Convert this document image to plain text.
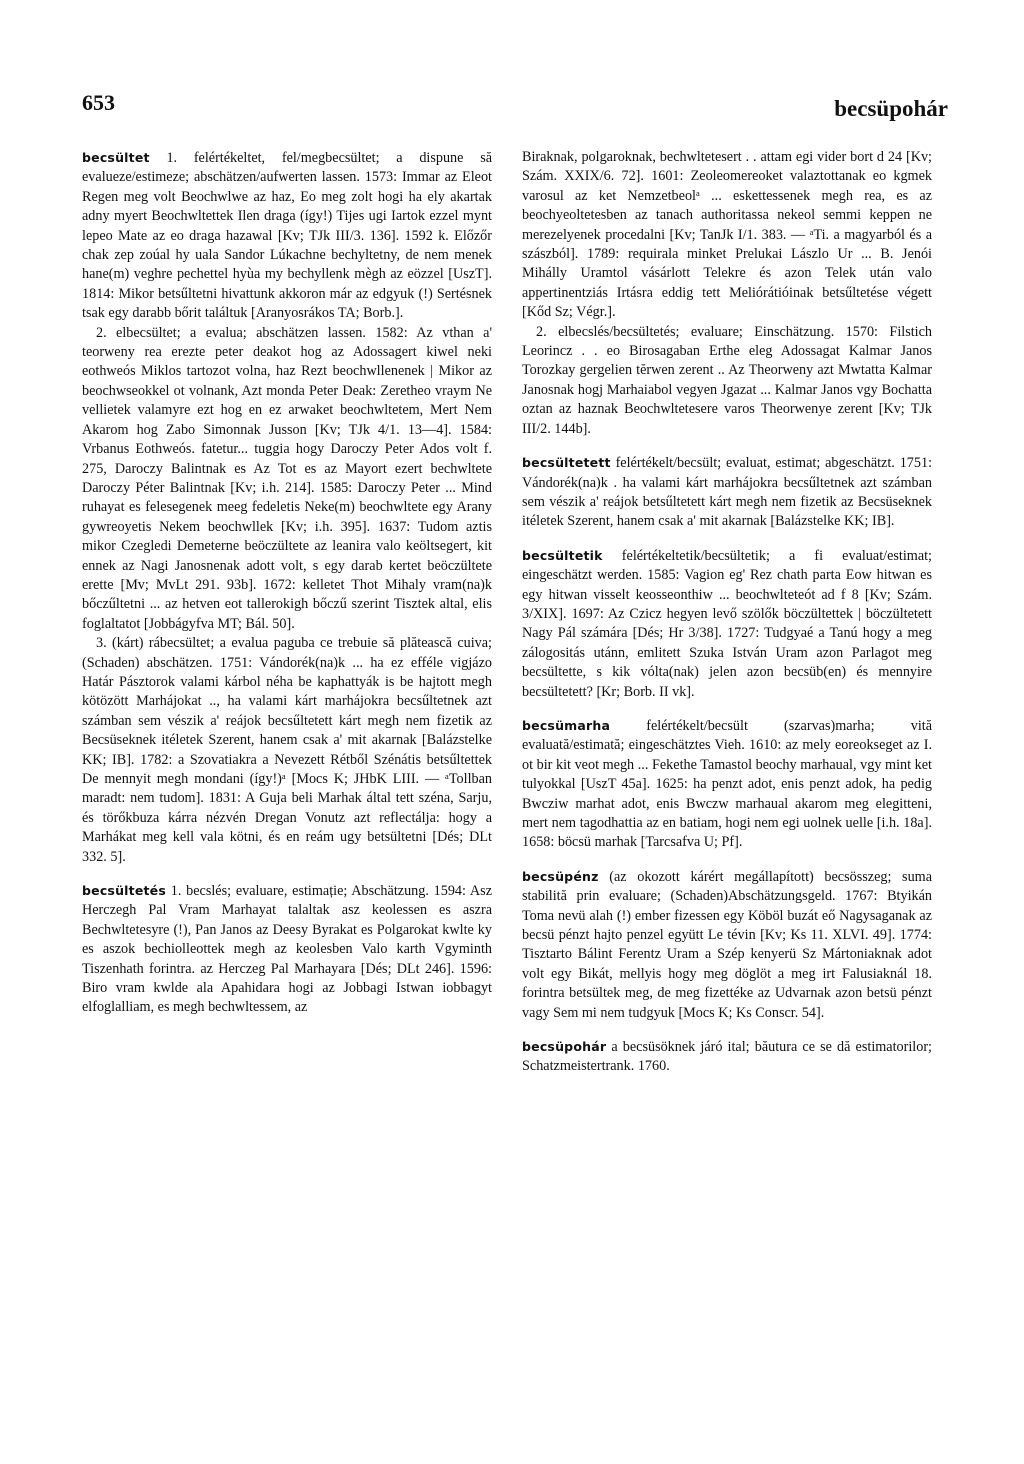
653	becsüpohár

becsültet 1. felértékeltet, fel/megbecsültet; a dispune să evalueze/estimeze; abschätzen/aufwerten lassen. 1573: Immar az Eleot Regen meg volt Beochwlwe az haz, Eo meg zolt hogi ha ely akartak adny myert Beochwltettek Ilen draga (így!) Tijes ugi Iartok ezzel mynt lepeo Mate az eo draga hazawal [Kv; TJk III/3. 136]. 1592 k. Előzőr chak zep zoúal hy uala Sandor Lúkachne bechyltetny, de nem menek hane(m) veghre pechettel hyùa my bechyllenk mègh az eözzel [UszT]. 1814: Mikor betsűltetni hivattunk akkoron már az edgyuk (!) Sertésnek tsak egy darabb bőrit találtuk [Aranyosrákos TA; Borb.].

2. elbecsültet; a evalua; abschätzen lassen. 1582: Az vthan a' teorweny rea erezte peter deakot hog az Adossagert kiwel neki eothweós Miklos tartozot volna, haz Rezt beochwllenenek | Mikor az beochwseokkel ot volnank, Azt monda Peter Deak: Zeretheo vraym Ne vellietek valamyre ezt hog en ez arwaket beochwltetem, Mert Nem Akarom hog Zabo Simonnak Jusson [Kv; TJk 4/1. 13—4]. 1584: Vrbanus Eothweós. fatetur... tuggia hogy Daroczy Peter Ados volt f. 275, Daroczy Balintnak es Az Tot es az Mayort ezert bechwltete Daroczy Péter Balintnak [Kv; i.h. 214]. 1585: Daroczy Peter ... Mind ruhayat es felesegenek meeg fedeletis Neke(m) beochwltete egy Arany gywreoyetis Nekem beochwllek [Kv; i.h. 395]. 1637: Tudom aztis mikor Czegledi Demeterne beöczültete az leanira valo keöltsegert, kit ennek az Nagi Janosnenak adott volt, s egy darab kertet beöczültete erette [Mv; MvLt 291. 93b]. 1672: kelletet Thot Mihaly vram(na)k bőczűltetni ... az hetven eot tallerokigh bőczű szerint Tisztek altal, elis foglaltatot [Jobbágyfva MT; Bál. 50].

3. (kárt) rábecsültet; a evalua paguba ce trebuie să plătească cuiva; (Schaden) abschätzen. 1751: Vándorék(na)k ... ha ez efféle vigjázo Határ Pásztorok valami kárbol néha be kaphattyák is be hajtott megh kötözött Marhájokat .., ha valami kárt marhájokra becsűltetnek azt számban sem vészik a' reájok becsűltetett kárt megh nem fizetik az Becsüseknek itéletek Szerent, hanem csak a' mit akarnak [Balázstelke KK; IB]. 1782: a Szovatiakra a Nevezett Rétből Szénátis betsűltettek De mennyit megh mondani (így!)ᵃ [Mocs K; JHbK LIII. — ᵃTollban maradt: nem tudom]. 1831: A Guja beli Marhak által tett széna, Sarju, és törőkbuza kárra nézvén Dregan Vonutz azt reflectálja: hogy a Marhákat meg kell vala kötni, és en reám ugy betsültetni [Dés; DLt 332. 5].

becsültetés 1. becslés; evaluare, estimație; Abschätzung. 1594: Asz Herczegh Pal Vram Marhayat talaltak asz keolessen es aszra Bechwltetesyre (!), Pan Janos az Deesy Byrakat es Polgarokat kwlte ky es aszok bechiolleottek megh az keolesben Valo karth Vgyminth Tiszenhath forintra. az Herczeg Pal Marhayara [Dés; DLt 246]. 1596: Biro vram kwlde ala Apahidara hogi az Jobbagi Istwan iobbagyt elfoglalliam, es megh bechwltessem, az

Biraknak, polgaroknak, bechwltetesert . . attam egi vider bort d 24 [Kv; Szám. XXIX/6. 72]. 1601: Zeoleomereoket valaztottanak eo kgmek varosul az ket Nemzetbeolᵃ ... eskettessenek megh rea, es az beochyeoltetesben az tanach authoritassa nekeol semmi keppen ne merezelyenek procedalni [Kv; TanJk I/1. 383. — ᵃTi. a magyarból és a szászból]. 1789: requirala minket Prelukai Lászlo Ur ... B. Jenói Mihálly Uramtol vásárlott Telekre és azon Telek után valo appertinentziás Irtásra eddig tett Meliórátióinak betsűltetése végett [Kőd Sz; Végr.].

2. elbecslés/becsültetés; evaluare; Einschätzung. 1570: Filstich Leorincz . . eo Birosagaban Erthe eleg Adossagat Kalmar Janos Torozkay gergelien tĕrwen zerent .. Az Theorweny azt Mwtatta Kalmar Janosnak hogj Marhaiabol vegyen Jgazat ... Kalmar Janos vgy Bochatta oztan az haznak Beochwltetesere varos Theorwenye zerent [Kv; TJk III/2. 144b].

becsültetett felértékelt/becsült; evaluat, estimat; abgeschätzt. 1751: Vándorék(na)k . ha valami kárt marhájokra becsűltetnek azt számban sem vészik a' reájok betsűltetett kárt megh nem fizetik az Becsüseknek itéletek Szerent, hanem csak a' mit akarnak [Balázstelke KK; IB].

becsültetik felértékeltetik/becsültetik; a fi evaluat/estimat; eingeschätzt werden. 1585: Vagion eg' Rez chath parta Eow hitwan es egy hitwan visselt keosseonthiw ... beochwlteteót ad f 8 [Kv; Szám. 3/XIX]. 1697: Az Czicz hegyen levő szölők böczültettek | böczültetett Nagy Pál számára [Dés; Hr 3/38]. 1727: Tudgyaé a Tanú hogy a meg zálogositás utánn, emlitett Szuka István Uram azon Parlagot meg becsültette, s kik vólta(nak) jelen azon becsüb(en) és mennyire becsültetett? [Kr; Borb. II vk].

becsümarha	felértékelt/becsült (szarvas)marha; vită evaluată/estimată; eingeschätztes Vieh. 1610: az mely eoreokseget az I. ot bir kit veot megh ... Fekethe Tamastol beochy marhaual, vgy mint ket tulyokkal [UszT 45a]. 1625: ha penzt adot, enis penzt adok, ha pedig Bwcziw marhat adot, enis Bwczw marhaual akarom meg elegitteni, mert nem tagodhattia az en batiam, hogi nem egi uolnek uelle [i.h. 18a]. 1658: böcsü marhak [Tarcsafva U; Pf].

becsüpénz (az okozott kárért megállapított) becsösszeg; suma stabilită prin evaluare; (Schaden)Abschätzungsgeld. 1767: Btyikán Toma nevü alah (!) ember fizessen egy Köböl buzát eő Nagysaganak az becsü pénzt hajto penzel együtt Le tévin [Kv; Ks 11. XLVI. 49]. 1774: Tisztarto Bálint Ferentz Uram a Szép kenyerü Sz Mártoniaknak adot volt egy Bikát, mellyis hogy meg döglöt a meg irt Falusiaknál 18. forintra betsültek meg, de meg fizettéke az Udvarnak azon betsü pénzt vagy Sem mi nem tudgyuk [Mocs K; Ks Conscr. 54].

becsüpohár a becsüsöknek járó ital; băutura ce se dă estimatorilor; Schatzmeistertrank. 1760.
